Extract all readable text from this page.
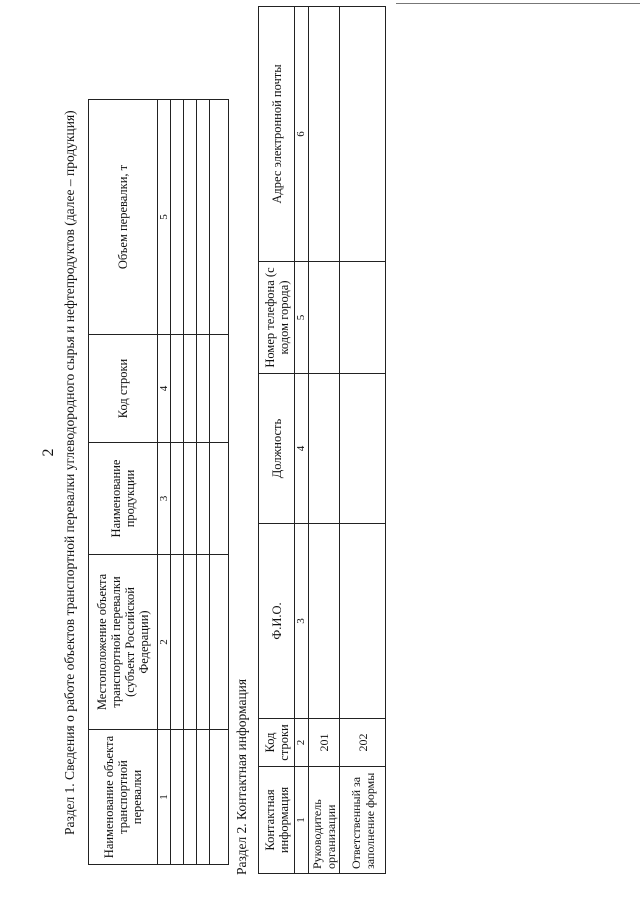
2 Раздел 1. Сведения о работе объектов транспортной перевалки углеводородного сырья и нефтепродуктов (далее – продукция) Наименование объекта транспортной перевалки	Местоположение объекта транспортной перевалки (субъект Российской Федерации)	Наименование продукции	Код строки	Объем перевалки, т
1	2	3	4	5

Раздел 2. Контактная информация Контактная информация	Код строки	Ф.И.О.	Должность	Номер телефона (с кодом города)	Адрес электронной почты
1	2	3	4	5	6
Руководитель организации	201				
Ответственный за заполнение формы	202				
